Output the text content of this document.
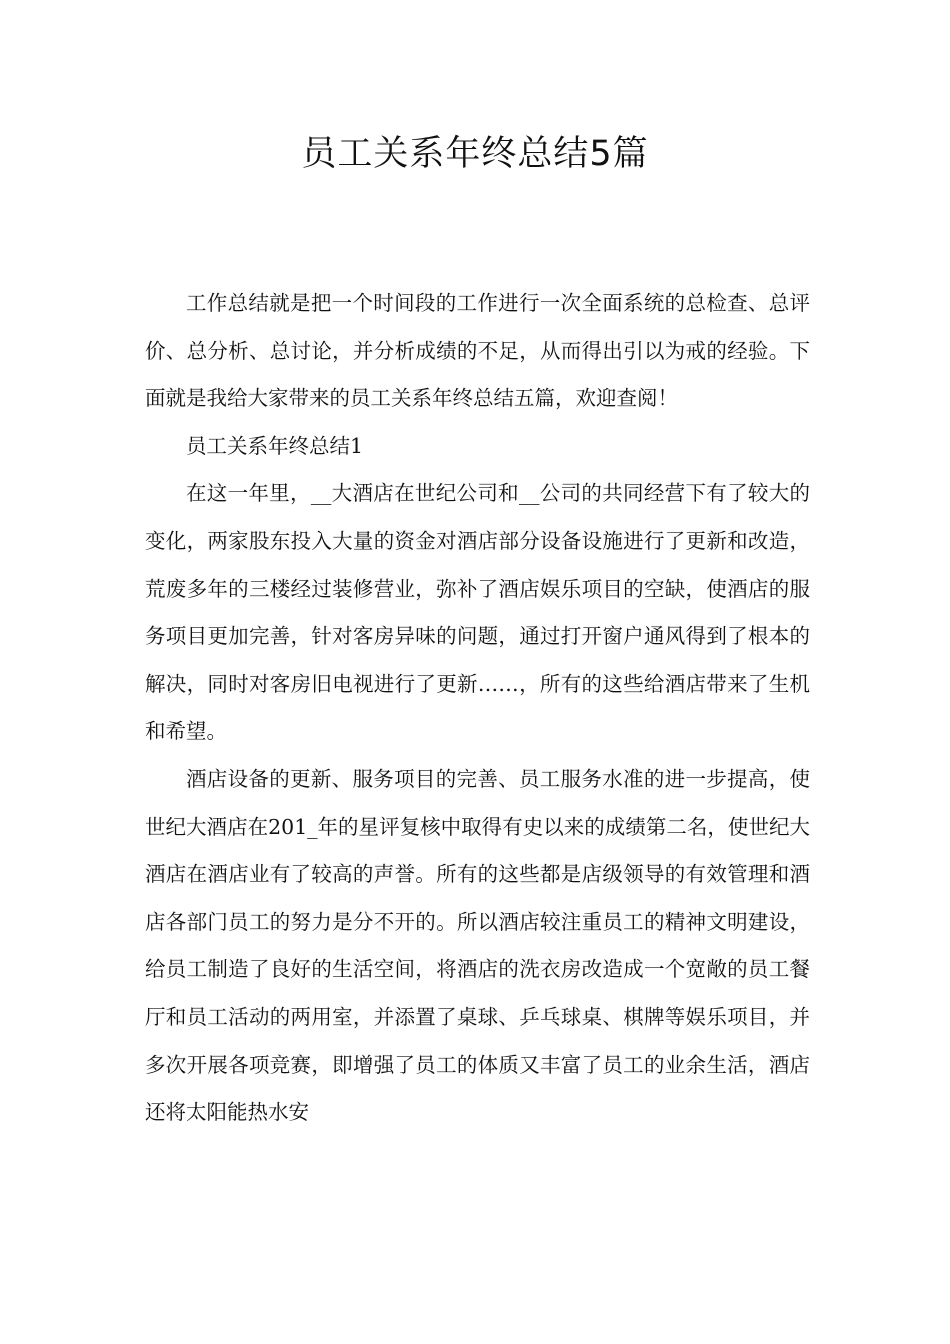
员工关系年终总结5篇

工作总结就是把一个时间段的工作进行一次全面系统的总检查、总评价、总分析、总讨论，并分析成绩的不足，从而得出引以为戒的经验。下面就是我给大家带来的员工关系年终总结五篇，欢迎查阅！

员工关系年终总结1

在这一年里，__大酒店在世纪公司和__公司的共同经营下有了较大的变化，两家股东投入大量的资金对酒店部分设备设施进行了更新和改造，荒废多年的三楼经过装修营业，弥补了酒店娱乐项目的空缺，使酒店的服务项目更加完善，针对客房异味的问题，通过打开窗户通风得到了根本的解决，同时对客房旧电视进行了更新……，所有的这些给酒店带来了生机和希望。

酒店设备的更新、服务项目的完善、员工服务水准的进一步提高，使世纪大酒店在201_年的星评复核中取得有史以来的成绩第二名，使世纪大酒店在酒店业有了较高的声誉。所有的这些都是店级领导的有效管理和酒店各部门员工的努力是分不开的。所以酒店较注重员工的精神文明建设，给员工制造了良好的生活空间，将酒店的洗衣房改造成一个宽敞的员工餐厅和员工活动的两用室，并添置了桌球、乒乓球桌、棋牌等娱乐项目，并多次开展各项竞赛，即增强了员工的体质又丰富了员工的业余生活，酒店还将太阳能热水安
